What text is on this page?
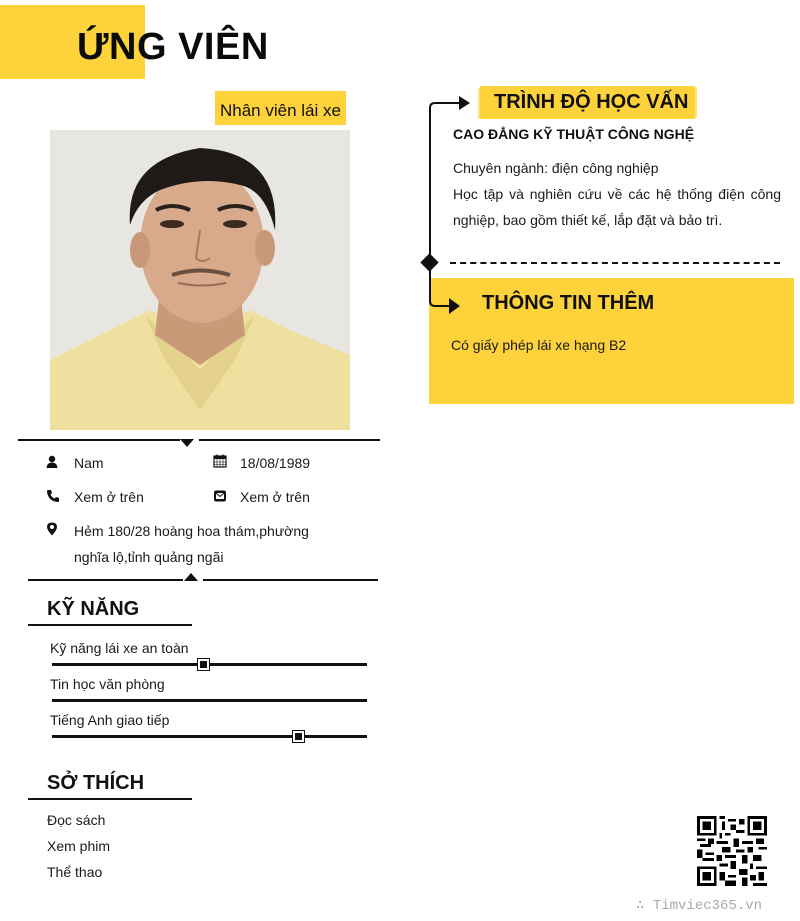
ỨNG VIÊN
Nhân viên lái xe
Nam	18/08/1989
Xem ở trên	Xem ở trên
Hẻm 180/28 hoàng hoa thám,phường
nghĩa lộ,tỉnh quảng ngãi
KỸ NĂNG
Kỹ năng lái xe an toàn
Tin học văn phòng
Tiếng Anh giao tiếp
SỞ THÍCH
Đọc sách
Xem phim
Thể thao
TRÌNH ĐỘ HỌC VẤN
CAO ĐẲNG KỸ THUẬT CÔNG NGHỆ
Chuyên ngành: điện công nghiệp
Học tập và nghiên cứu về các hệ thống điện công nghiệp, bao gồm thiết kế, lắp đặt và bảo trì.
THÔNG TIN THÊM
Có giấy phép lái xe hạng B2
∴ Timviec365.vn
